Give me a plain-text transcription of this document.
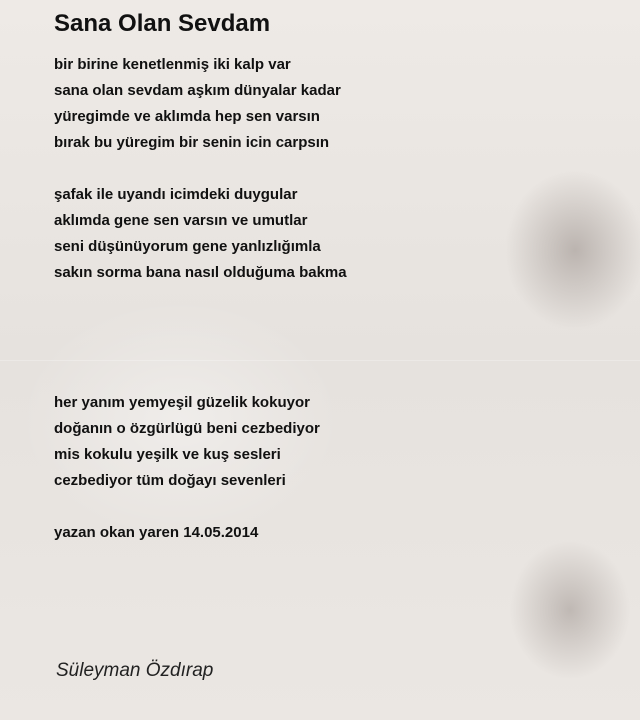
Sana Olan Sevdam
bir birine kenetlenmiş iki kalp var
sana olan sevdam aşkım dünyalar kadar
yüregimde ve aklımda hep sen varsın
bırak bu yüregim bir senin icin carpsın
şafak ile uyandı icimdeki duygular
aklımda gene sen varsın ve umutlar
seni düşünüyorum gene yanlızlığımla
sakın sorma bana nasıl olduğuma bakma
her yanım yemyeşil güzelik kokuyor
doğanın o özgürlügü beni cezbediyor
mis kokulu yeşilk ve kuş sesleri
cezbediyor tüm doğayı sevenleri
yazan okan yaren 14.05.2014
Süleyman Özdırap
